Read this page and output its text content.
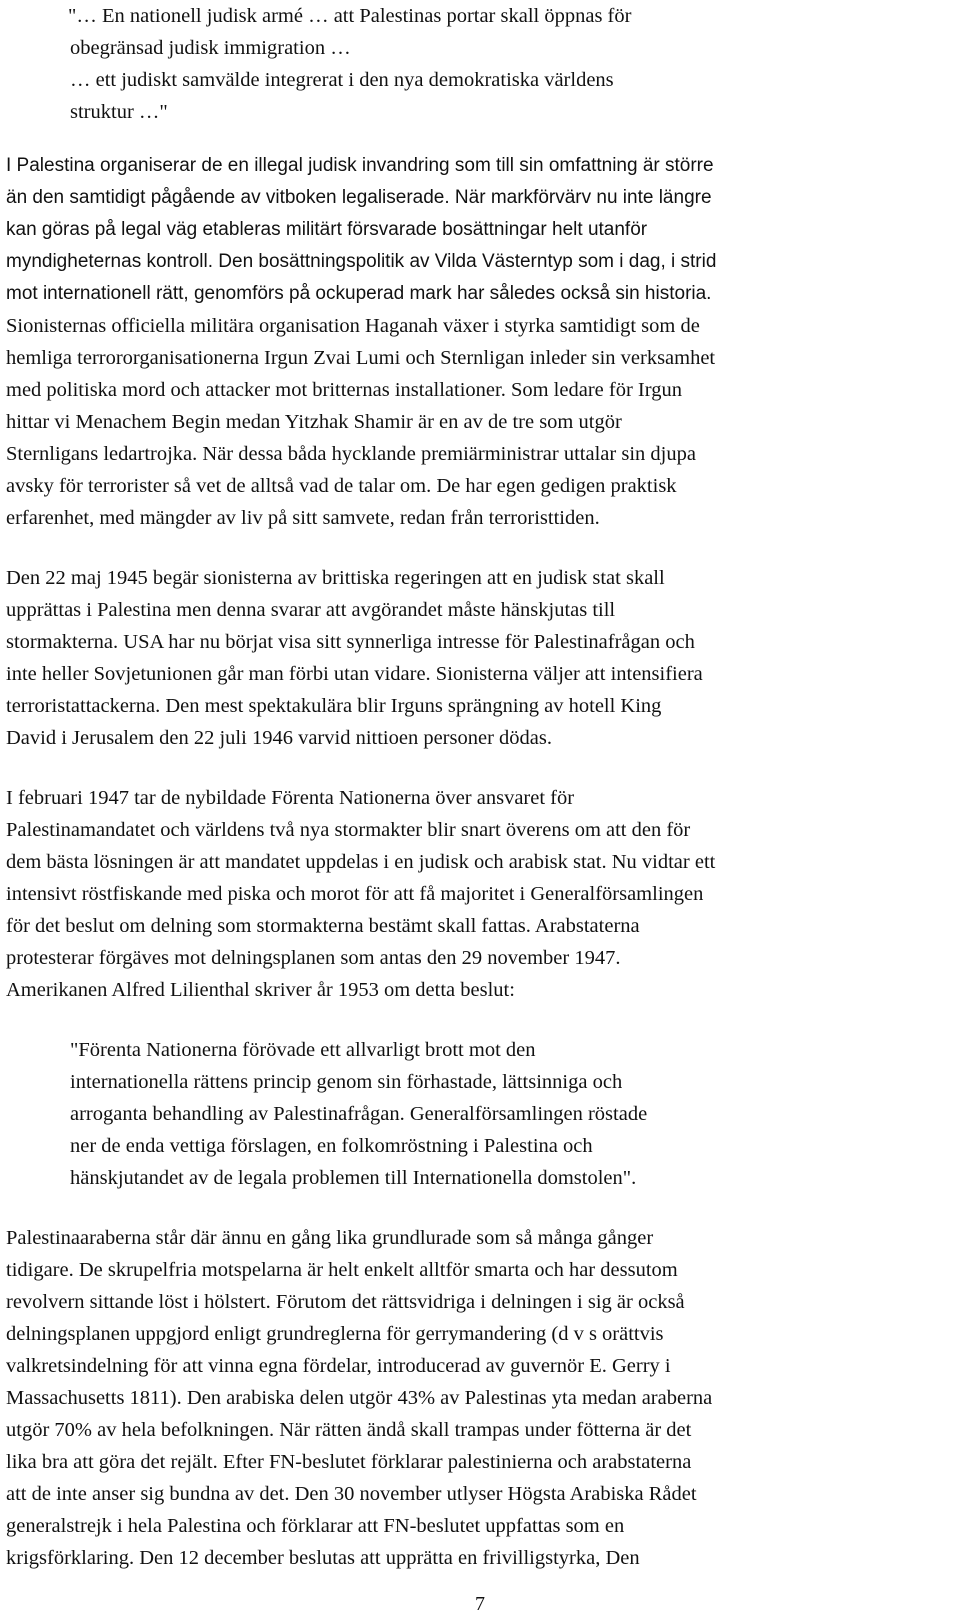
"… En nationell judisk armé … att Palestinas portar skall öppnas för
obegränsad judisk immigration …
… ett judiskt samvälde integrerat i den nya demokratiska världens
struktur …"
I Palestina organiserar de en illegal judisk invandring som till sin omfattning är större
än den samtidigt pågående av vitboken legaliserade. När markförvärv nu inte längre
kan göras på legal väg etableras militärt försvarade bosättningar helt utanför
myndigheternas kontroll. Den bosättningspolitik av Vilda Västerntyp som i dag, i strid
mot internationell rätt, genomförs på ockuperad mark har således också sin historia.
Sionisternas officiella militära organisation Haganah växer i styrka samtidigt som de
hemliga terrororganisationerna Irgun Zvai Lumi och Sternligan inleder sin verksamhet
med politiska mord och attacker mot britternas installationer. Som ledare för Irgun
hittar vi Menachem Begin medan Yitzhak Shamir är en av de tre som utgör
Sternligans ledartrojka. När dessa båda hycklande premiärministrar uttalar sin djupa
avsky för terrorister så vet de alltså vad de talar om. De har egen gedigen praktisk
erfarenhet, med mängder av liv på sitt samvete, redan från terroristtiden.
Den 22 maj 1945 begär sionisterna av brittiska regeringen att en judisk stat skall
upprättas i Palestina men denna svarar att avgörandet måste hänskjutas till
stormakterna. USA har nu börjat visa sitt synnerliga intresse för Palestinafrågan och
inte heller Sovjetunionen går man förbi utan vidare. Sionisterna väljer att intensifiera
terroristattackerna. Den mest spektakulära blir Irguns sprängning av hotell King
David i Jerusalem den 22 juli 1946 varvid nittioen personer dödas.
I februari 1947 tar de nybildade Förenta Nationerna över ansvaret för
Palestinamandatet och världens två nya stormakter blir snart överens om att den för
dem bästa lösningen är att mandatet uppdelas i en judisk och arabisk stat. Nu vidtar ett
intensivt röstfiskande med piska och morot för att få majoritet i Generalförsamlingen
för det beslut om delning som stormakterna bestämt skall fattas. Arabstaterna
protesterar förgäves mot delningsplanen som antas den 29 november 1947.
Amerikanen Alfred Lilienthal skriver år 1953 om detta beslut:
"Förenta Nationerna förövade ett allvarligt brott mot den
internationella rättens princip genom sin förhastade, lättsinniga och
arroganta behandling av Palestinafrågan. Generalförsamlingen röstade
ner de enda vettiga förslagen, en folkomröstning i Palestina och
hänskjutandet av de legala problemen till Internationella domstolen".
Palestinaaraberna står där ännu en gång lika grundlurade som så många gånger
tidigare. De skrupelfria motspelarna är helt enkelt alltför smarta och har dessutom
revolvern sittande löst i hölstert. Förutom det rättsvidriga i delningen i sig är också
delningsplanen uppgjord enligt grundreglerna för gerrymandering (d v s orättvis
valkretsindelning för att vinna egna fördelar, introducerad av guvernör E. Gerry i
Massachusetts 1811). Den arabiska delen utgör 43% av Palestinas yta medan araberna
utgör 70% av hela befolkningen. När rätten ändå skall trampas under fötterna är det
lika bra att göra det rejält. Efter FN-beslutet förklarar palestinierna och arabstaterna
att de inte anser sig bundna av det. Den 30 november utlyser Högsta Arabiska Rådet
generalstrejk i hela Palestina och förklarar att FN-beslutet uppfattas som en
krigsförklaring. Den 12 december beslutas att upprätta en frivilligstyrka, Den
7
